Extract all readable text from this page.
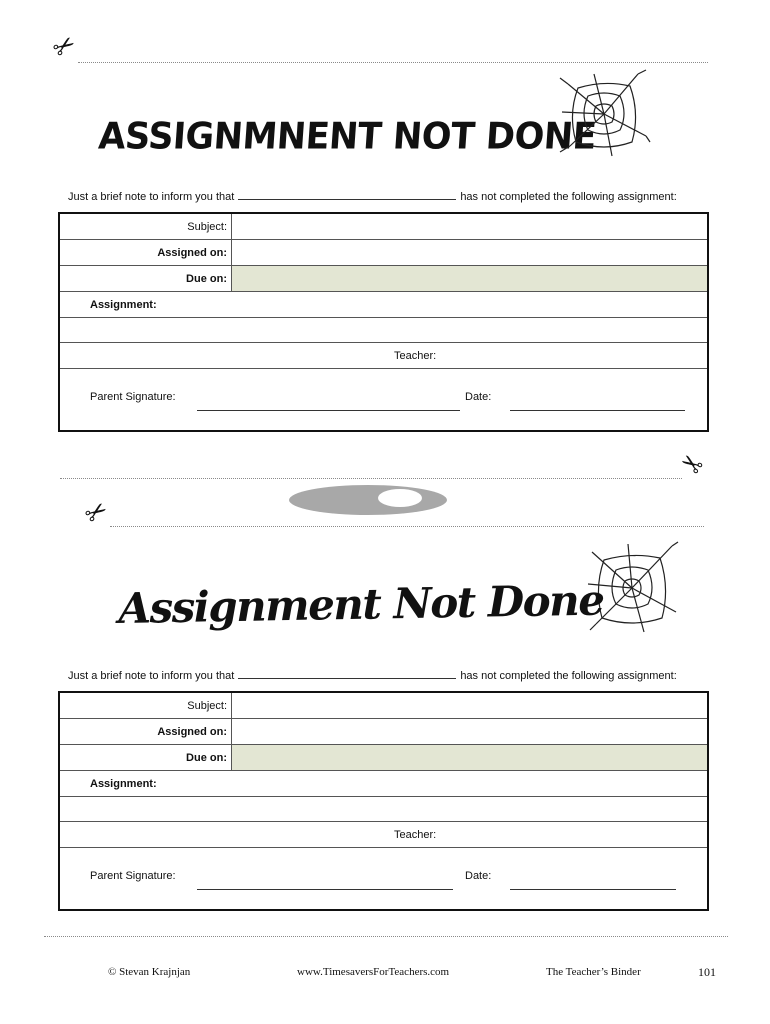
✂
ASSIGNMNENT NOT DONE
Just a brief note to inform you that	has not completed the following assignment:
Subject:
Assigned on:
Due on:
Assignment:
Teacher:
Parent Signature:	Date:
✂
✂
Assignment Not Done
Just a brief note to inform you that	has not completed the following assignment:
Subject:
Assigned on:
Due on:
Assignment:
Teacher:
Parent Signature:	Date:
© Stevan Krajnjan	www.TimesaversForTeachers.com	The Teacher’s Binder	101
